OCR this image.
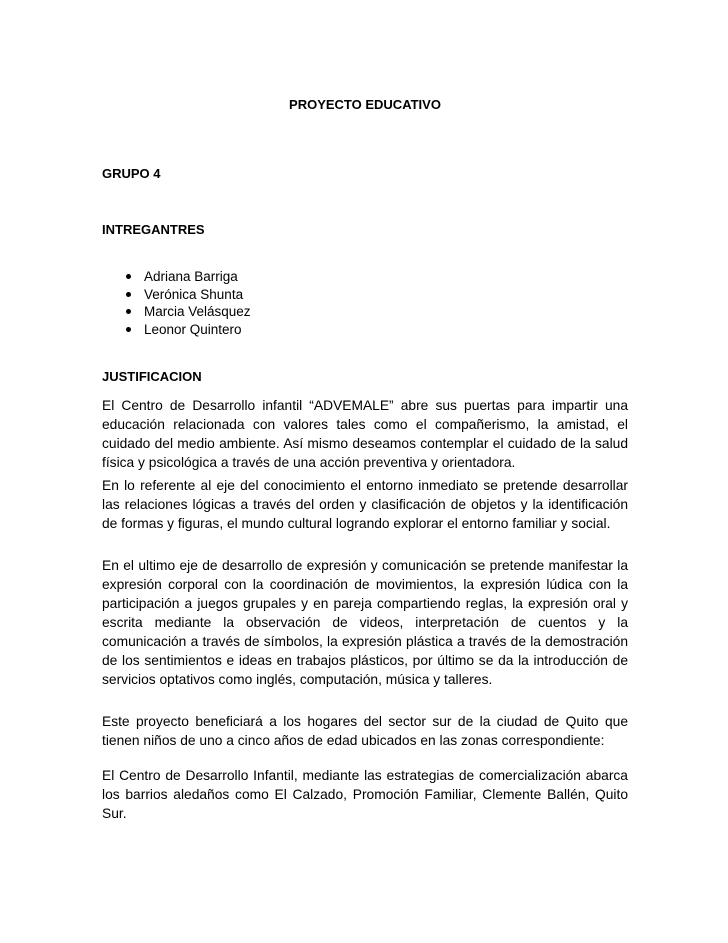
PROYECTO EDUCATIVO
GRUPO 4
INTREGANTRES
Adriana Barriga
Verónica Shunta
Marcia Velásquez
Leonor Quintero
JUSTIFICACION

El Centro de Desarrollo infantil “ADVEMALE” abre sus puertas para impartir una educación relacionada con valores tales como el compañerismo, la amistad, el cuidado del medio ambiente. Así mismo deseamos contemplar el cuidado de la salud física y psicológica a través de una acción preventiva y orientadora.

En lo referente al eje del conocimiento el entorno inmediato se pretende desarrollar las relaciones lógicas a través del orden y clasificación de objetos y la identificación de formas y figuras, el mundo cultural logrando explorar el entorno familiar y social.

En el ultimo eje de desarrollo de expresión y comunicación se pretende manifestar la expresión corporal con la coordinación de movimientos, la expresión lúdica con la participación a juegos grupales y en pareja compartiendo reglas, la expresión oral y escrita mediante la observación de videos, interpretación de cuentos y la comunicación a través de símbolos, la expresión plástica a través de la demostración de los sentimientos e ideas en trabajos plásticos, por último se da la introducción de servicios optativos como inglés, computación, música y talleres.

Este proyecto beneficiará a los hogares del sector sur de la ciudad de Quito que tienen niños de uno a cinco años de edad ubicados en las zonas correspondiente:

El Centro de Desarrollo Infantil, mediante las estrategias de comercialización abarca los barrios aledaños como El Calzado, Promoción Familiar, Clemente Ballén, Quito Sur.
